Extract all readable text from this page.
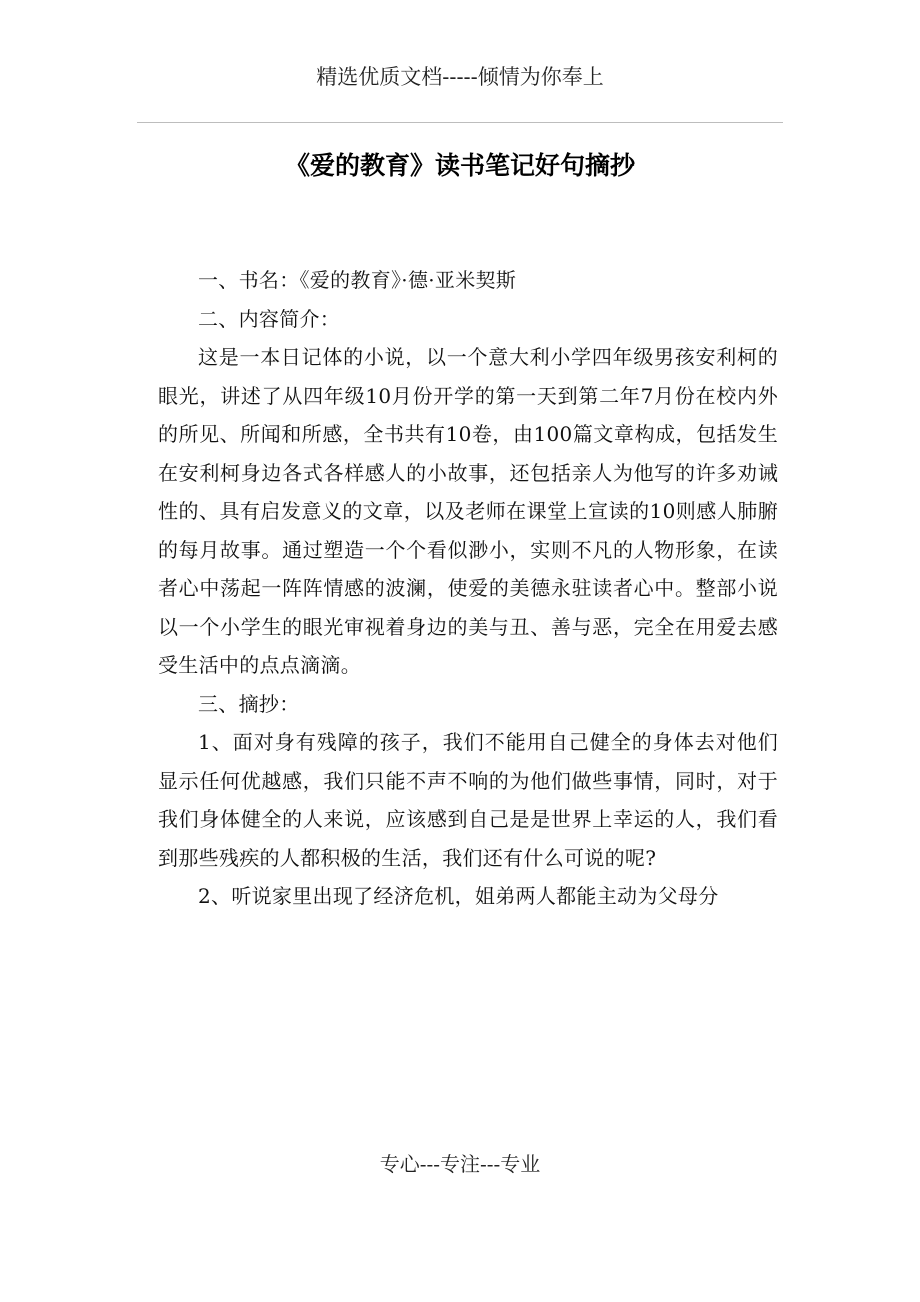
精选优质文档-----倾情为你奉上
《爱的教育》读书笔记好句摘抄

一、书名：《爱的教育》·德·亚米契斯

二、内容简介：

这是一本日记体的小说，以一个意大利小学四年级男孩安利柯的眼光，讲述了从四年级10月份开学的第一天到第二年7月份在校内外的所见、所闻和所感，全书共有10卷，由100篇文章构成，包括发生在安利柯身边各式各样感人的小故事，还包括亲人为他写的许多劝诫性的、具有启发意义的文章，以及老师在课堂上宣读的10则感人肺腑的每月故事。通过塑造一个个看似渺小，实则不凡的人物形象，在读者心中荡起一阵阵情感的波澜，使爱的美德永驻读者心中。整部小说以一个小学生的眼光审视着身边的美与丑、善与恶，完全在用爱去感受生活中的点点滴滴。

三、摘抄：

1、面对身有残障的孩子，我们不能用自己健全的身体去对他们显示任何优越感，我们只能不声不响的为他们做些事情，同时，对于我们身体健全的人来说，应该感到自己是是世界上幸运的人，我们看到那些残疾的人都积极的生活，我们还有什么可说的呢?

2、听说家里出现了经济危机，姐弟两人都能主动为父母分

专心---专注---专业
